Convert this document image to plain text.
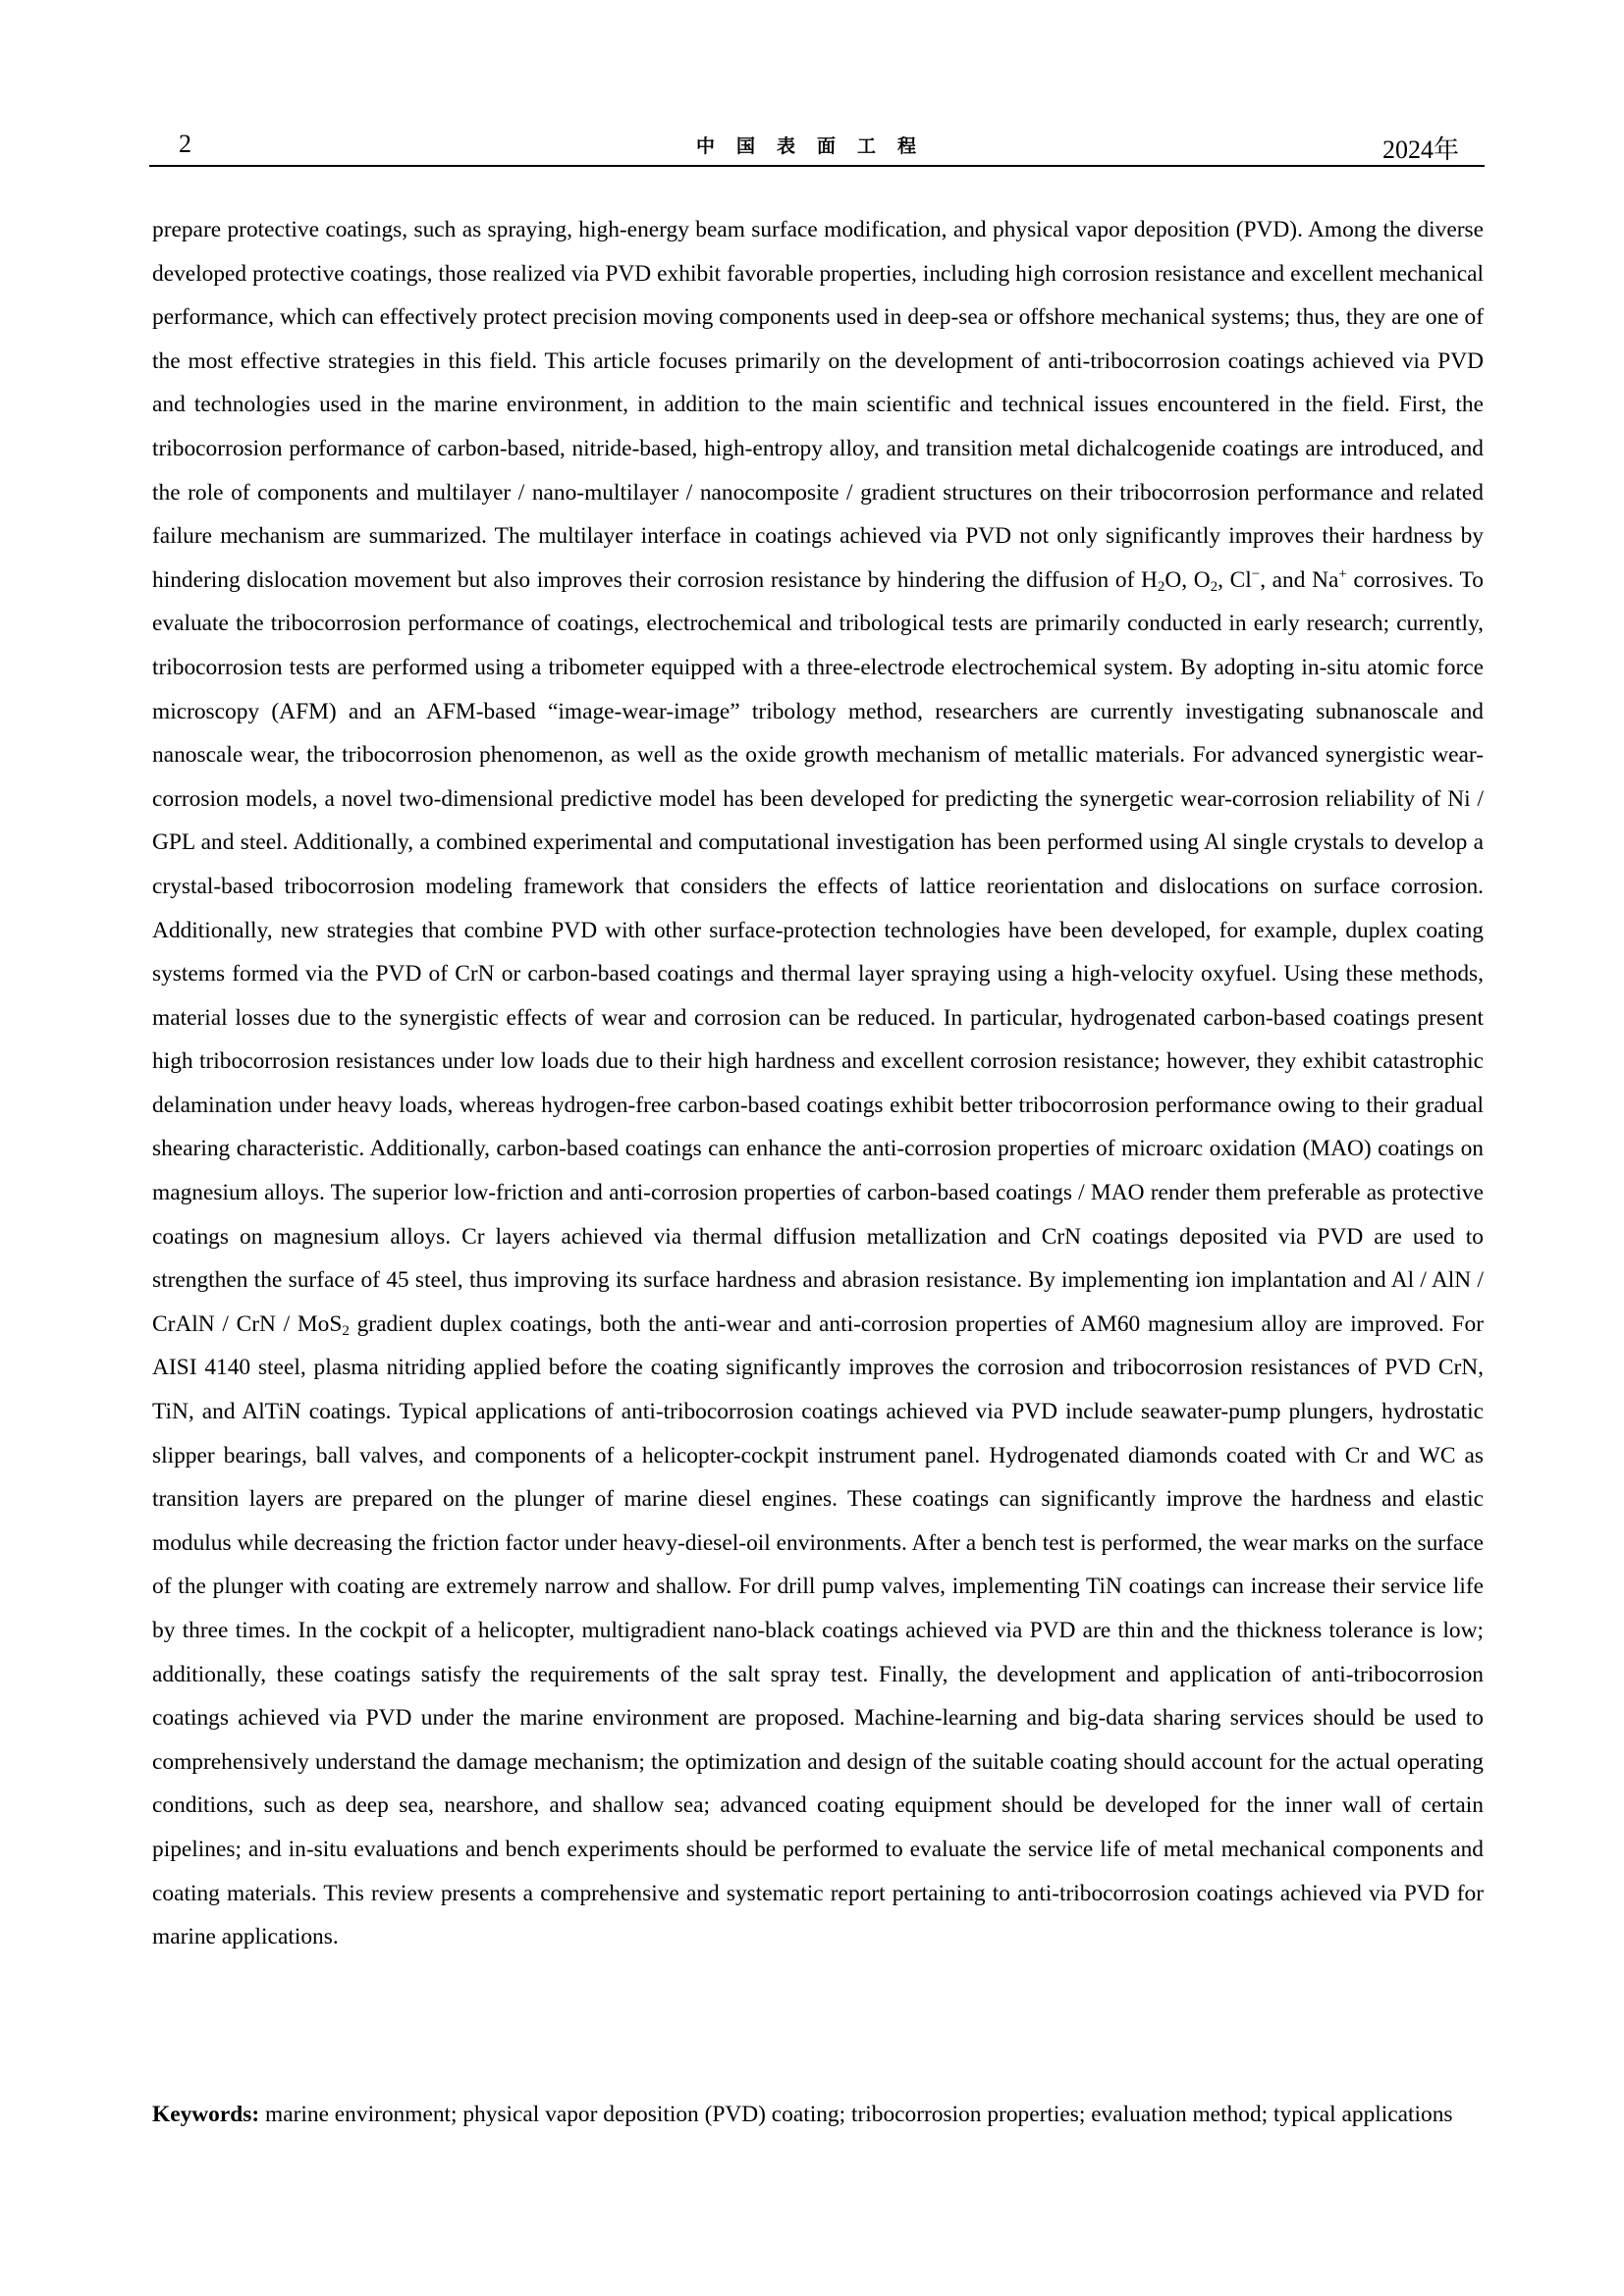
2	中国表面工程	2024年

prepare protective coatings, such as spraying, high-energy beam surface modification, and physical vapor deposition (PVD). Among the diverse developed protective coatings, those realized via PVD exhibit favorable properties, including high corrosion resistance and excellent mechanical performance, which can effectively protect precision moving components used in deep-sea or offshore mechanical systems; thus, they are one of the most effective strategies in this field. This article focuses primarily on the development of anti-tribocorrosion coatings achieved via PVD and technologies used in the marine environment, in addition to the main scientific and technical issues encountered in the field. First, the tribocorrosion performance of carbon-based, nitride-based, high-entropy alloy, and transition metal dichalcogenide coatings are introduced, and the role of components and multilayer / nano-multilayer / nanocomposite / gradient structures on their tribocorrosion performance and related failure mechanism are summarized. The multilayer interface in coatings achieved via PVD not only significantly improves their hardness by hindering dislocation movement but also improves their corrosion resistance by hindering the diffusion of $H_2O$, $O_2$, Cl−, and Na+ corrosives. To evaluate the tribocorrosion performance of coatings, electrochemical and tribological tests are primarily conducted in early research; currently, tribocorrosion tests are performed using a tribometer equipped with a three-electrode electrochemical system. By adopting in-situ atomic force microscopy (AFM) and an AFM-based “image-wear-image” tribology method, researchers are currently investigating subnanoscale and nanoscale wear, the tribocorrosion phenomenon, as well as the oxide growth mechanism of metallic materials. For advanced synergistic wear-corrosion models, a novel two-dimensional predictive model has been developed for predicting the synergetic wear-corrosion reliability of Ni / GPL and steel. Additionally, a combined experimental and computational investigation has been performed using Al single crystals to develop a crystal-based tribocorrosion modeling framework that considers the effects of lattice reorientation and dislocations on surface corrosion. Additionally, new strategies that combine PVD with other surface-protection technologies have been developed, for example, duplex coating systems formed via the PVD of CrN or carbon-based coatings and thermal layer spraying using a high-velocity oxyfuel. Using these methods, material losses due to the synergistic effects of wear and corrosion can be reduced. In particular, hydrogenated carbon-based coatings present high tribocorrosion resistances under low loads due to their high hardness and excellent corrosion resistance; however, they exhibit catastrophic delamination under heavy loads, whereas hydrogen-free carbon-based coatings exhibit better tribocorrosion performance owing to their gradual shearing characteristic. Additionally, carbon-based coatings can enhance the anti-corrosion properties of microarc oxidation (MAO) coatings on magnesium alloys. The superior low-friction and anti-corrosion properties of carbon-based coatings / MAO render them preferable as protective coatings on magnesium alloys. Cr layers achieved via thermal diffusion metallization and CrN coatings deposited via PVD are used to strengthen the surface of 45 steel, thus improving its surface hardness and abrasion resistance. By implementing ion implantation and Al / AlN / CrAlN / CrN / MoS$_2$ gradient duplex coatings, both the anti-wear and anti-corrosion properties of AM60 magnesium alloy are improved. For AISI 4140 steel, plasma nitriding applied before the coating significantly improves the corrosion and tribocorrosion resistances of PVD CrN, TiN, and AlTiN coatings. Typical applications of anti-tribocorrosion coatings achieved via PVD include seawater-pump plungers, hydrostatic slipper bearings, ball valves, and components of a helicopter-cockpit instrument panel. Hydrogenated diamonds coated with Cr and WC as transition layers are prepared on the plunger of marine diesel engines. These coatings can significantly improve the hardness and elastic modulus while decreasing the friction factor under heavy-diesel-oil environments. After a bench test is performed, the wear marks on the surface of the plunger with coating are extremely narrow and shallow. For drill pump valves, implementing TiN coatings can increase their service life by three times. In the cockpit of a helicopter, multigradient nano-black coatings achieved via PVD are thin and the thickness tolerance is low; additionally, these coatings satisfy the requirements of the salt spray test. Finally, the development and application of anti-tribocorrosion coatings achieved via PVD under the marine environment are proposed. Machine-learning and big-data sharing services should be used to comprehensively understand the damage mechanism; the optimization and design of the suitable coating should account for the actual operating conditions, such as deep sea, nearshore, and shallow sea; advanced coating equipment should be developed for the inner wall of certain pipelines; and in-situ evaluations and bench experiments should be performed to evaluate the service life of metal mechanical components and coating materials. This review presents a comprehensive and systematic report pertaining to anti-tribocorrosion coatings achieved via PVD for marine applications.

Keywords: marine environment; physical vapor deposition (PVD) coating; tribocorrosion properties; evaluation method; typical applications
